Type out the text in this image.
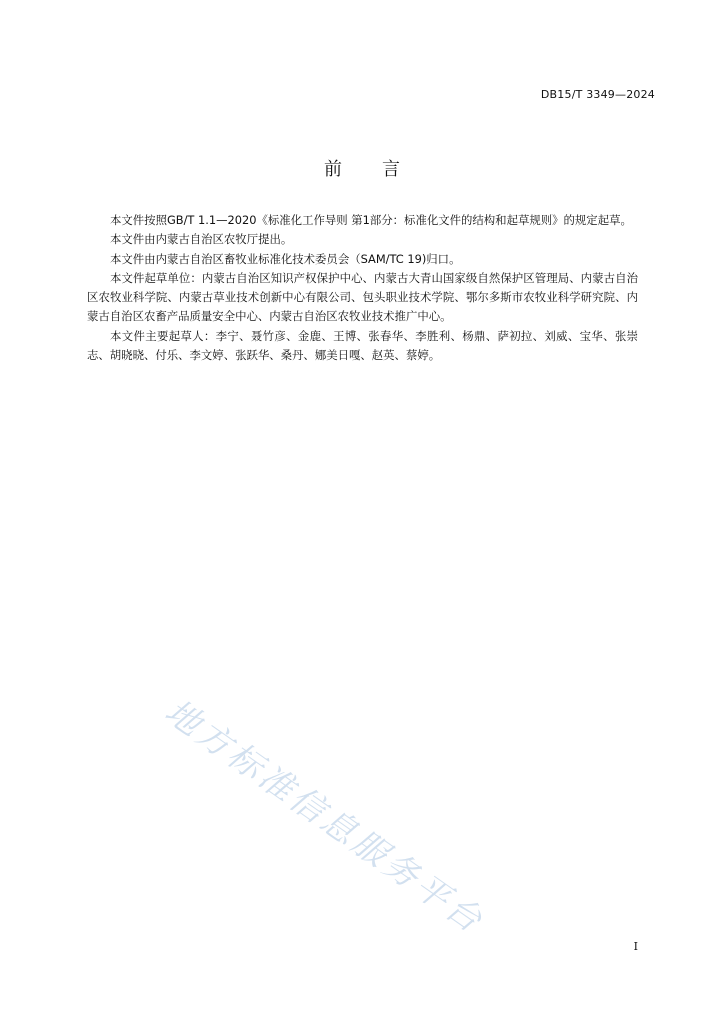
DB15/T 3349—2024
前 言

本文件按照GB/T 1.1—2020《标准化工作导则 第1部分：标准化文件的结构和起草规则》的规定起草。

本文件由内蒙古自治区农牧厅提出。

本文件由内蒙古自治区畜牧业标准化技术委员会（SAM/TC 19)归口。

本文件起草单位：内蒙古自治区知识产权保护中心、内蒙古大青山国家级自然保护区管理局、内蒙古自治区农牧业科学院、内蒙古草业技术创新中心有限公司、包头职业技术学院、鄂尔多斯市农牧业科学研究院、内蒙古自治区农畜产品质量安全中心、内蒙古自治区农牧业技术推广中心。

本文件主要起草人：李宁、聂竹彦、金鹿、王博、张春华、李胜利、杨鼎、萨初拉、刘威、宝华、张崇志、胡晓晓、付乐、李文婷、张跃华、桑丹、娜美日嘎、赵英、蔡婷。

地方标准信息服务平台
I
